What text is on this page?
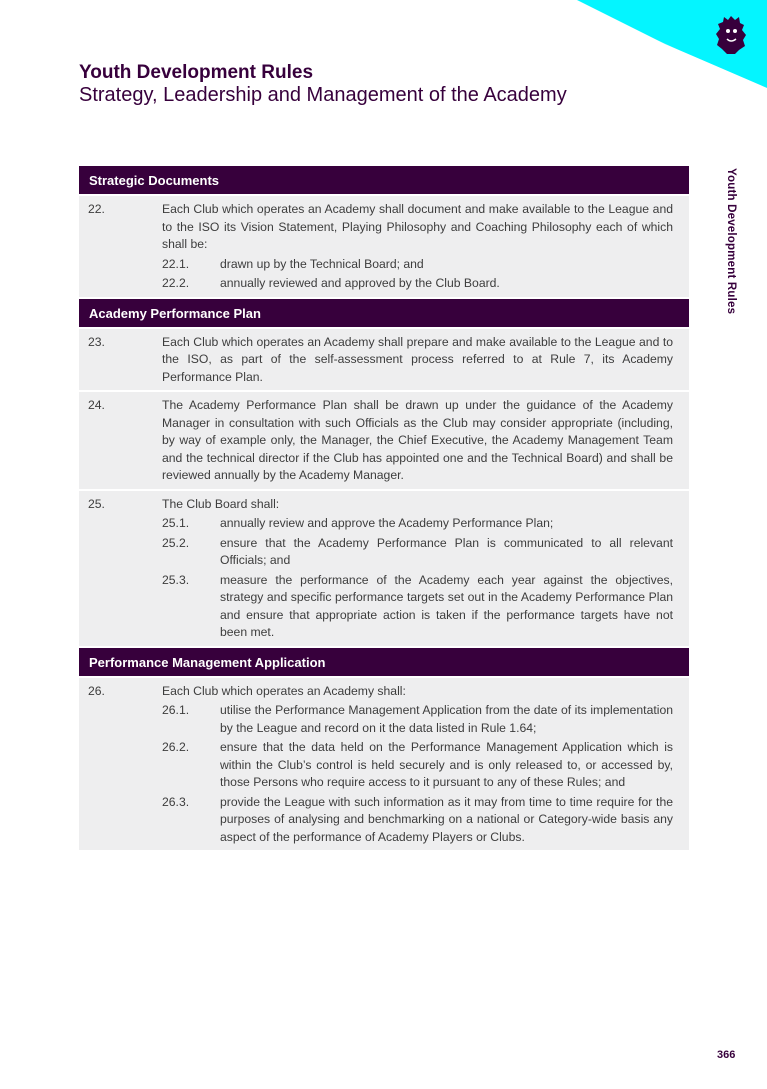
Youth Development Rules
Strategy, Leadership and Management of the Academy
Youth Development Rules
Strategic Documents
22.	Each Club which operates an Academy shall document and make available to the League and to the ISO its Vision Statement, Playing Philosophy and Coaching Philosophy each of which shall be:
22.1.	drawn up by the Technical Board; and
22.2.	annually reviewed and approved by the Club Board.
Academy Performance Plan
23.	Each Club which operates an Academy shall prepare and make available to the League and to the ISO, as part of the self-assessment process referred to at Rule 7, its Academy Performance Plan.
24.	The Academy Performance Plan shall be drawn up under the guidance of the Academy Manager in consultation with such Officials as the Club may consider appropriate (including, by way of example only, the Manager, the Chief Executive, the Academy Management Team and the technical director if the Club has appointed one and the Technical Board) and shall be reviewed annually by the Academy Manager.
25.	The Club Board shall:
25.1.	annually review and approve the Academy Performance Plan;
25.2.	ensure that the Academy Performance Plan is communicated to all relevant Officials; and
25.3.	measure the performance of the Academy each year against the objectives, strategy and specific performance targets set out in the Academy Performance Plan and ensure that appropriate action is taken if the performance targets have not been met.
Performance Management Application
26.	Each Club which operates an Academy shall:
26.1.	utilise the Performance Management Application from the date of its implementation by the League and record on it the data listed in Rule 1.64;
26.2.	ensure that the data held on the Performance Management Application which is within the Club’s control is held securely and is only released to, or accessed by, those Persons who require access to it pursuant to any of these Rules; and
26.3.	provide the League with such information as it may from time to time require for the purposes of analysing and benchmarking on a national or Category-wide basis any aspect of the performance of Academy Players or Clubs.
366
